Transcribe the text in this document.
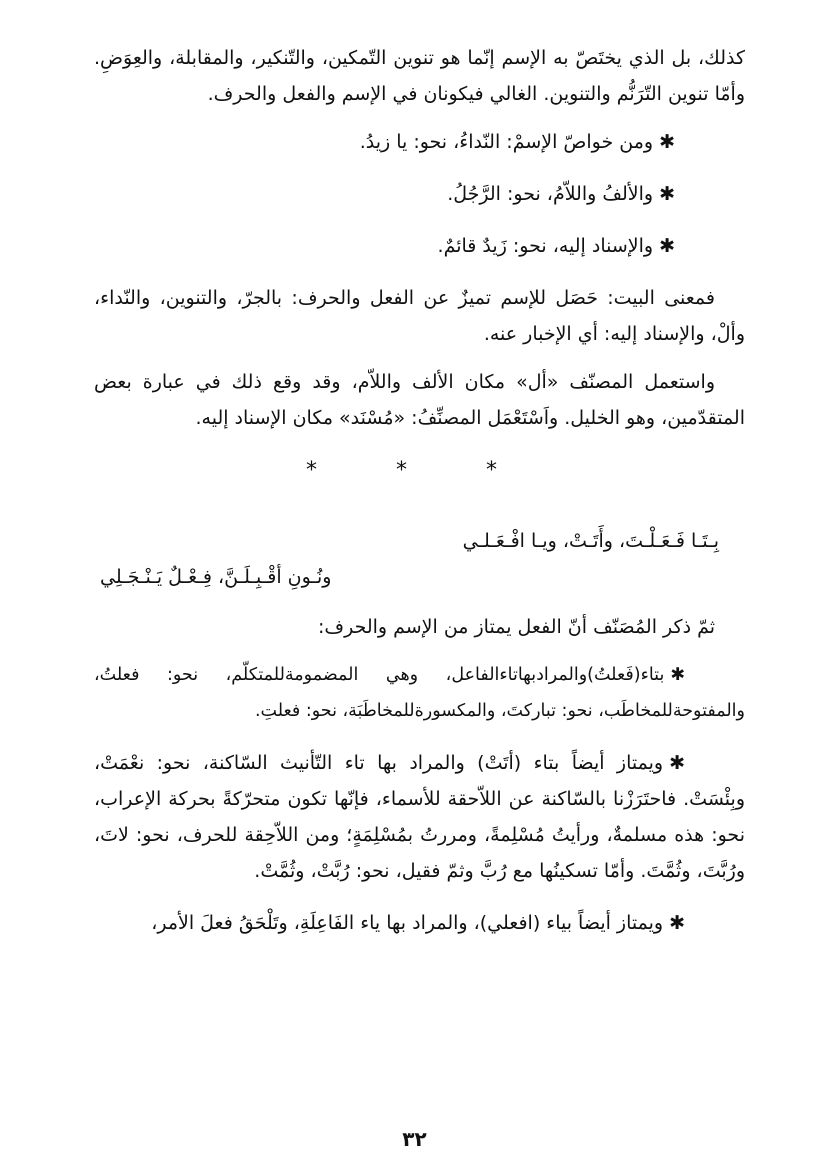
كذلك، بل الذي يختَصّ به الإسم إنّما هو تنوين التّمكين، والتّنكير، والمقابلة، والعِوَضِ. وأمّا تنوين التّرَنُّم والتنوين. الغالي فيكونان في الإسم والفعل والحرف.

✱ومن خواصّ الإسمْ: النّداءُ، نحو: يا زيدُ.

✱والألفُ واللاّمُ، نحو: الرَّجُلُ.

✱والإسناد إليه، نحو: زَيدٌ قائمٌ.

فمعنى البيت: حَصَل للإسم تميزٌ عن الفعل والحرف: بالجرّ، والتنوين، والنّداء، وألْ، والإسناد إليه: أي الإخبار عنه.

واستعمل المصنّف «أل» مكان الألف واللاّم، وقد وقع ذلك في عبارة بعض المتقدّمين، وهو الخليل. واَسْتَعْمَل المصنِّفُ: «مُسْنَد» مكان الإسناد إليه.

* * *

بِـتَـا فَـعَـلْـتَ، وأَتَـتْ، ويـا افْـعَـلـي

ونُـونِ أقْـبِـلَـنَّ، فِـعْـلٌ يَـنْـجَـلِي

ثمّ ذكر المُصَنّف أنّ الفعل يمتاز من الإسم والحرف:

✱بتاء(فَعلتُ)والمرادبهاتاءالفاعل، وهي المضمومةللمتكلّم، نحو: فعلتُ، والمفتوحةللمخاطَب، نحو: تباركتَ، والمكسورةللمخاطَبَة، نحو: فعلتِ.

✱ويمتاز أيضاً بتاء (أتَتْ) والمراد بها تاء التّأنيث السّاكنة، نحو: نعْمَتْ، وبِئْسَتْ. فاحتَرَزْنا بالسّاكنة عن اللاّحقة للأسماء، فإنّها تكون متحرّكةً بحركة الإعراب، نحو: هذه مسلمةٌ، ورأيتُ مُسْلِمةً، ومررتُ بمُسْلِمَةٍ؛ ومن اللاّحِقة للحرف، نحو: لاتَ، ورُبَّتَ، وثُمَّتَ. وأمّا تسكينُها مع رُبَّ وثمّ فقيل، نحو: رُبَّتْ، وثُمَّتْ.

✱ويمتاز أيضاً بياء (افعلي)، والمراد بها ياء الفَاعِلَةِ، وتَلْحَقُ فعلَ الأمر،

٣٢
